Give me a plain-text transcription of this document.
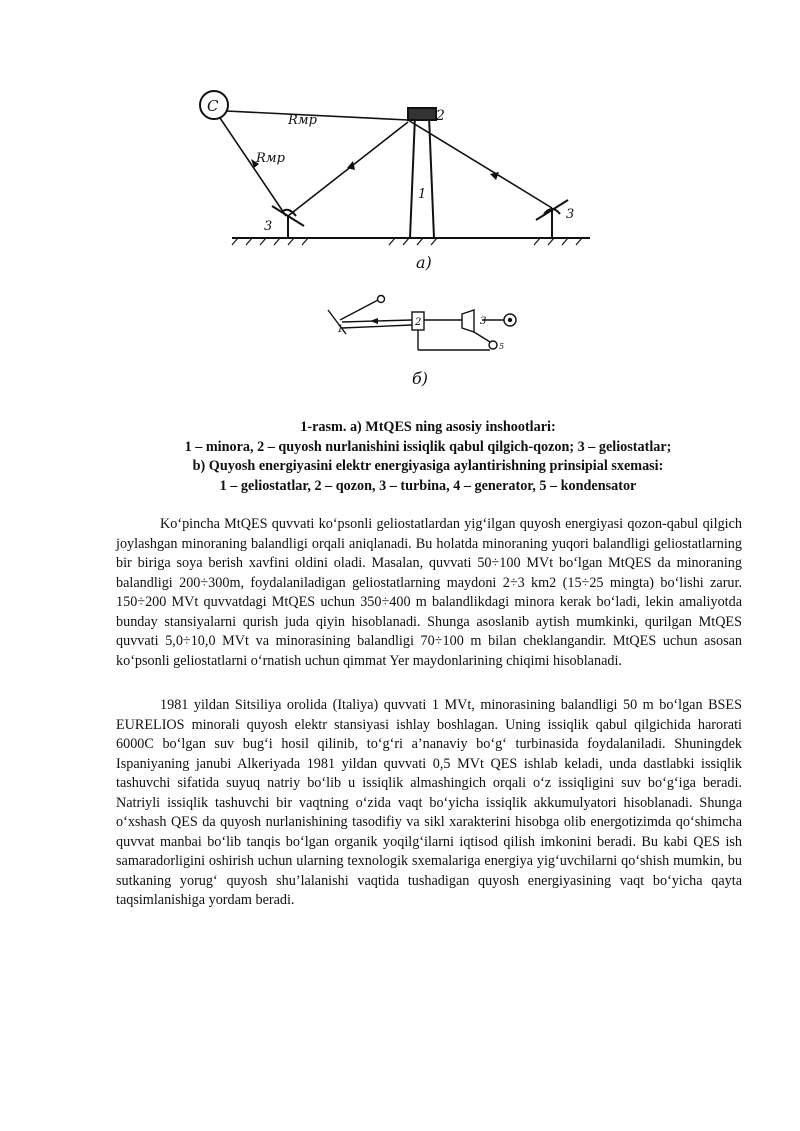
C
Rмр
Rмр
2
1
3
3
a)
1
2	3
5
б)
1-rasm. a) MtQES ning asosiy inshootlari:
1 – minora, 2 – quyosh nurlanishini issiqlik qabul qilgich-qozon; 3 – geliostatlar;
b) Quyosh energiyasini elektr energiyasiga aylantirishning prinsipial sxemasi:
1 – geliostatlar, 2 – qozon, 3 – turbina, 4 – generator, 5 – kondensator

Ko‘pincha MtQES quvvati ko‘psonli geliostatlardan yig‘ilgan quyosh energiyasi qozon-qabul qilgich joylashgan minoraning balandligi orqali aniqlanadi. Bu holatda minoraning yuqori balandligi geliostatlarning bir biriga soya berish xavfini oldini oladi. Masalan, quvvati 50÷100 MVt bo‘lgan MtQES da minoraning balandligi 200÷300m, foydalaniladigan geliostatlarning maydoni 2÷3 km2 (15÷25 mingta) bo‘lishi zarur. 150÷200 MVt quvvatdagi MtQES uchun 350÷400 m balandlikdagi minora kerak bo‘ladi, lekin amaliyotda bunday stansiyalarni qurish juda qiyin hisoblanadi. Shunga asoslanib aytish mumkinki, qurilgan MtQES quvvati 5,0÷10,0 MVt va minorasining balandligi 70÷100 m bilan cheklangandir. MtQES uchun asosan ko‘psonli geliostatlarni o‘rnatish uchun qimmat Yer maydonlarining chiqimi hisoblanadi.

1981 yildan Sitsiliya orolida (Italiya) quvvati 1 MVt, minorasining balandligi 50 m bo‘lgan BSES EURELIOS minorali quyosh elektr stansiyasi ishlay boshlagan. Uning issiqlik qabul qilgichida harorati 6000C bo‘lgan suv bug‘i hosil qilinib, to‘g‘ri a’nanaviy bo‘g‘ turbinasida foydalaniladi. Shuningdek Ispaniyaning janubi Alkeriyada 1981 yildan quvvati 0,5 MVt QES ishlab keladi, unda dastlabki issiqlik tashuvchi sifatida suyuq natriy bo‘lib u issiqlik almashingich orqali o‘z issiqligini suv bo‘g‘iga beradi. Natriyli issiqlik tashuvchi bir vaqtning o‘zida vaqt bo‘yicha issiqlik akkumulyatori hisoblanadi. Shunga o‘xshash QES da quyosh nurlanishining tasodifiy va sikl xarakterini hisobga olib energotizimda qo‘shimcha quvvat manbai bo‘lib tanqis bo‘lgan organik yoqilg‘ilarni iqtisod qilish imkonini beradi. Bu kabi QES ish samaradorligini oshirish uchun ularning texnologik sxemalariga energiya yig‘uvchilarni qo‘shish mumkin, bu sutkaning yorug‘ quyosh shu’lalanishi vaqtida tushadigan quyosh energiyasining vaqt bo‘yicha qayta taqsimlanishiga yordam beradi.
